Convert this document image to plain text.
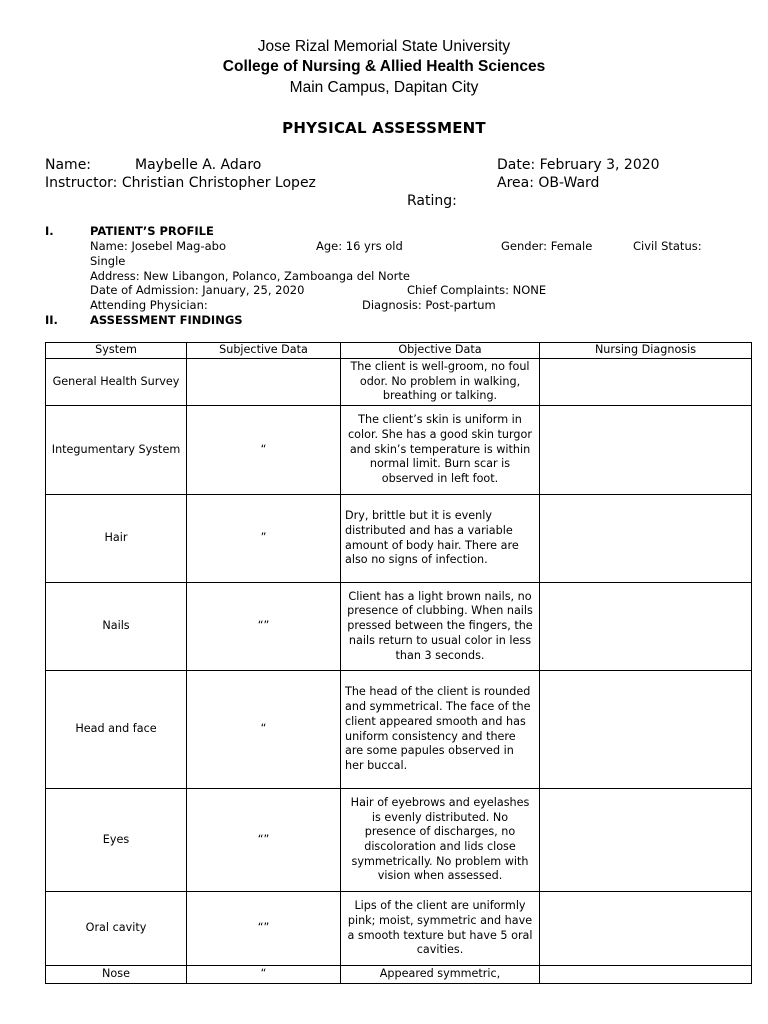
Jose Rizal Memorial State University
College of Nursing & Allied Health Sciences
Main Campus, Dapitan City
PHYSICAL ASSESSMENT
Name:	Maybelle A. Adaro	Date: February 3, 2020
Instructor: Christian Christopher Lopez	Area: OB-Ward
Rating:
I.	PATIENT’S PROFILE
Name: Josebel Mag-abo	Age: 16 yrs old	Gender: Female	Civil Status:
Single
Address: New Libangon, Polanco, Zamboanga del Norte
Date of Admission: January, 25, 2020	Chief Complaints: NONE
Attending Physician:	Diagnosis: Post-partum
II.	ASSESSMENT FINDINGS
System	Subjective Data	Objective Data	Nursing Diagnosis
General Health Survey		The client is well-groom, no foul odor. No problem in walking, breathing or talking.	
Integumentary System	“	The client’s skin is uniform in color. She has a good skin turgor and skin’s temperature is within normal limit. Burn scar is observed in left foot.	
Hair	”	Dry, brittle but it is evenly distributed and has a variable amount of body hair. There are also no signs of infection.	
Nails	“”	Client has a light brown nails, no presence of clubbing. When nails pressed between the fingers, the nails return to usual color in less than 3 seconds.	
Head and face	“	The head of the client is rounded and symmetrical. The face of the client appeared smooth and has uniform consistency and there are some papules observed in her buccal.	
Eyes	“”	Hair of eyebrows and eyelashes is evenly distributed. No presence of discharges, no discoloration and lids close symmetrically. No problem with vision when assessed.	
Oral cavity	“”	Lips of the client are uniformly pink; moist, symmetric and have a smooth texture but have 5 oral cavities.	
Nose	“	Appeared symmetric,	
